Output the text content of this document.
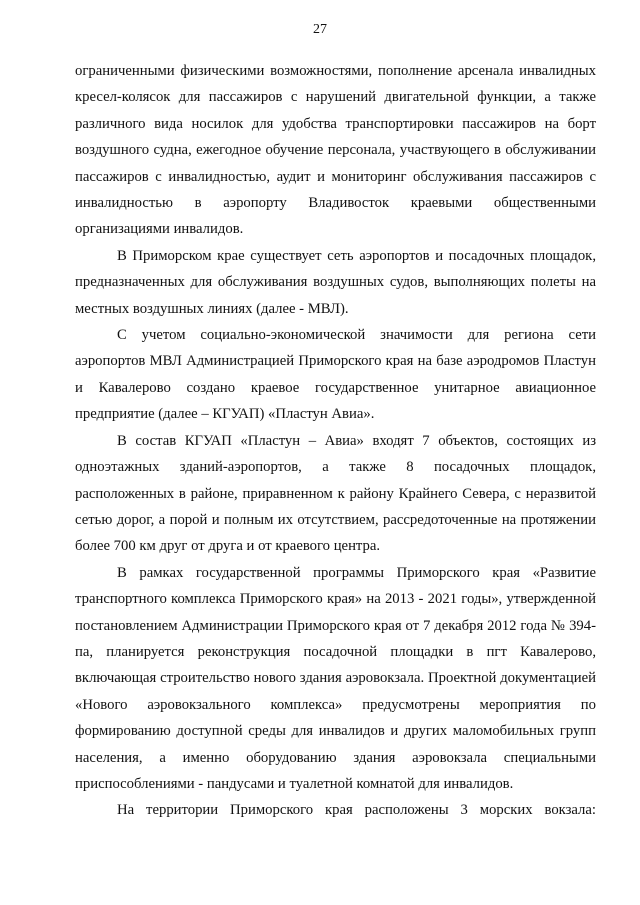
27

ограниченными физическими возможностями, пополнение арсенала инвалидных кресел-колясок для пассажиров с нарушений двигательной функции, а также различного вида носилок для удобства транспортировки пассажиров на борт воздушного судна, ежегодное обучение персонала, участвующего в обслуживании пассажиров с инвалидностью, аудит и мониторинг обслуживания пассажиров с инвалидностью в аэропорту Владивосток краевыми общественными организациями инвалидов.

В Приморском крае существует сеть аэропортов и посадочных площадок, предназначенных для обслуживания воздушных судов, выполняющих полеты на местных воздушных линиях (далее - МВЛ).

С учетом социально-экономической значимости для региона сети аэропортов МВЛ Администрацией Приморского края на базе аэродромов Пластун и Кавалерово создано краевое государственное унитарное авиационное предприятие (далее – КГУАП) «Пластун Авиа».

В состав КГУАП «Пластун – Авиа» входят 7 объектов, состоящих из одноэтажных зданий-аэропортов, а также 8 посадочных площадок, расположенных в районе, приравненном к району Крайнего Севера, с неразвитой сетью дорог, а порой и полным их отсутствием, рассредоточенные на протяжении более 700 км друг от друга и от краевого центра.

В рамках государственной программы Приморского края «Развитие транспортного комплекса Приморского края» на 2013 - 2021 годы», утвержденной постановлением Администрации Приморского края от 7 декабря 2012 года № 394-па, планируется реконструкция посадочной площадки в пгт Кавалерово, включающая строительство нового здания аэровокзала. Проектной документацией «Нового аэровокзального комплекса» предусмотрены мероприятия по формированию доступной среды для инвалидов и других маломобильных групп населения, а именно оборудованию здания аэровокзала специальными приспособлениями - пандусами и туалетной комнатой для инвалидов.

На территории Приморского края расположены 3 морских вокзала:
